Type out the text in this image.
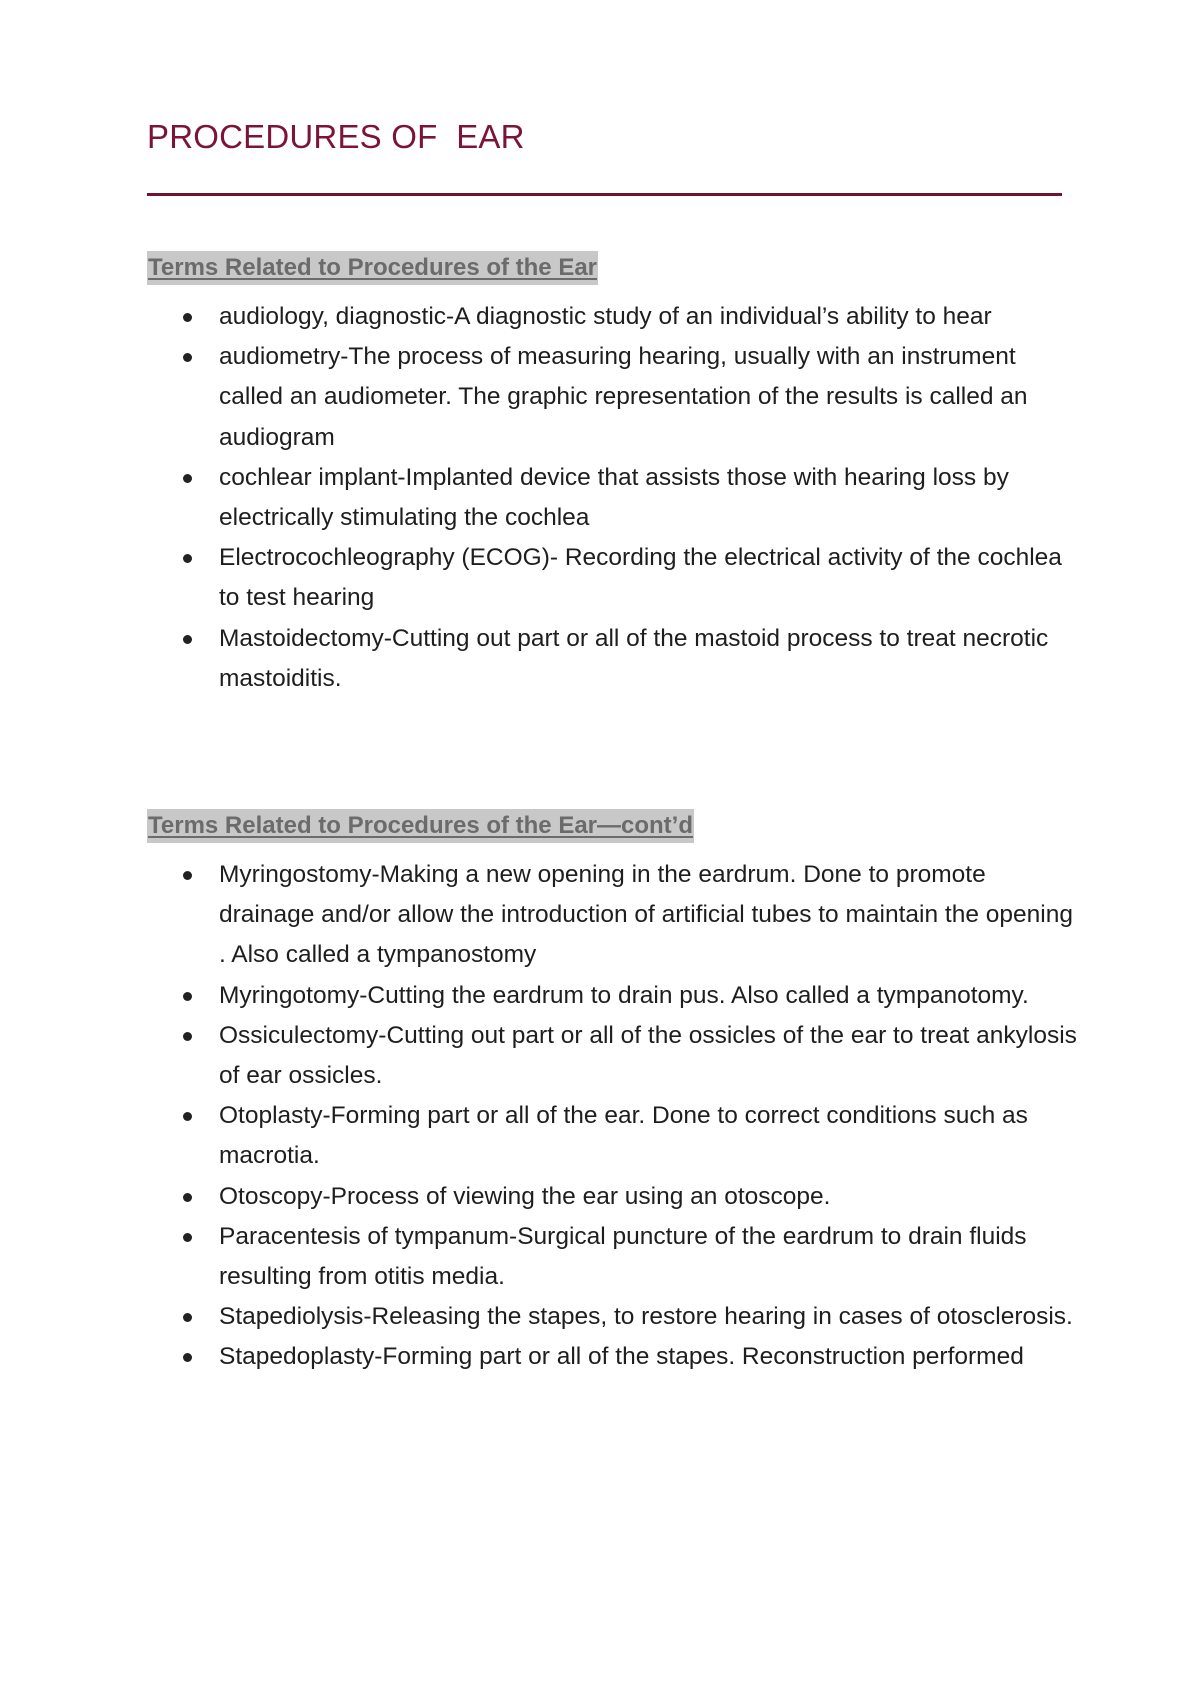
PROCEDURES OF  EAR
Terms Related to Procedures of the Ear
audiology, diagnostic-A diagnostic study of an individual’s ability to hear
audiometry-The process of measuring hearing, usually with an instrument called an audiometer. The graphic representation of the results is called an audiogram
cochlear implant-Implanted device that assists those with hearing loss by electrically stimulating the cochlea
Electrocochleography (ECOG)- Recording the electrical activity of the cochlea to test hearing
Mastoidectomy-Cutting out part or all of the mastoid process to treat necrotic mastoiditis.
Terms Related to Procedures of the Ear—cont’d
Myringostomy-Making a new opening in the eardrum. Done to promote drainage and/or allow the introduction of artificial tubes to maintain the opening . Also called a tympanostomy
Myringotomy-Cutting the eardrum to drain pus. Also called a tympanotomy.
Ossiculectomy-Cutting out part or all of the ossicles of the ear to treat ankylosis of ear ossicles.
Otoplasty-Forming part or all of the ear. Done to correct conditions such as macrotia.
Otoscopy-Process of viewing the ear using an otoscope.
Paracentesis of tympanum-Surgical puncture of the eardrum to drain fluids resulting from otitis media.
Stapediolysis-Releasing the stapes, to restore hearing in cases of otosclerosis.
Stapedoplasty-Forming part or all of the stapes. Reconstruction performed
